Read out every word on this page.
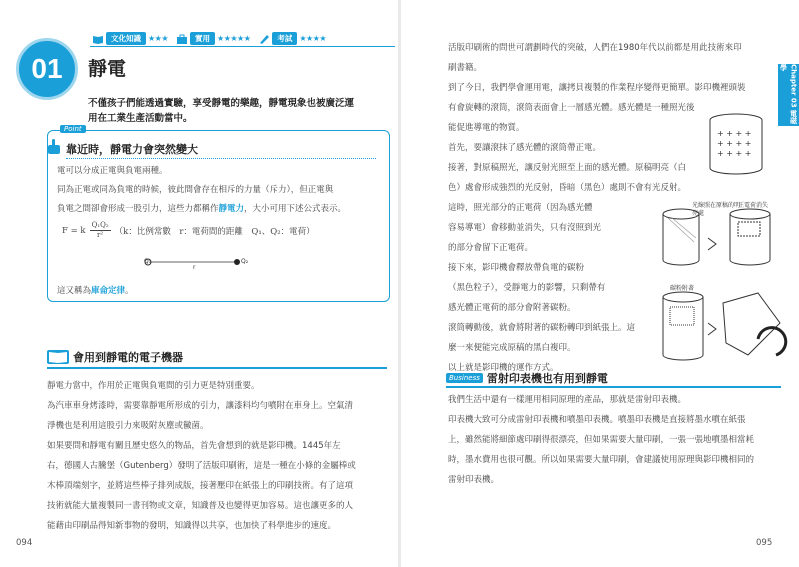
文化知識 ★★★	實用 ★★★★★	考試 ★★★★
01	靜電
不僅孩子們能透過實驗，享受靜電的樂趣，靜電現象也被廣泛運用在工業生產活動當中。
Point
靠近時，靜電力會突然變大
電可以分成正電與負電兩種。
同為正電或同為負電的時候，彼此間會存在相斥的力量（斥力），但正電與
負電之間卻會形成一股引力，這些力都稱作靜電力，大小可用下述公式表示。
F = k $\frac{\text{Q₁Q₂}}{\text{r²}} (k$：比例常數　r：電荷間的距離　Q₁、Q₂：電荷）
Q₁
r
Q₂
這又稱為庫侖定律。
會用到靜電的電子機器

靜電力當中，作用於正電與負電間的引力更是特別重要。

為汽車車身烤漆時，需要靠靜電所形成的引力，讓漆料均勻噴附在車身上。空氣清

淨機也是利用這股引力來吸附灰塵或黴菌。

如果要問和靜電有關且歷史悠久的物品，首先會想到的就是影印機。1445年左

右，德國人古騰堡（Gutenberg）發明了活版印刷術，這是一種在小條的金屬棒或

木棒頂端刻字，並將這些棒子排列成版，接著壓印在紙張上的印刷技術。有了這項

技術就能大量複製同一書刊物或文章，知識普及也變得更加容易。這也讓更多的人

能藉由印刷品得知新事物的發明，知識得以共享，也加快了科學進步的速度。

094
Chapter 03 電磁學

活版印刷術的問世可謂劃時代的突破，人們在1980年代以前都是用此技術來印

刷書籍。

到了今日，我們學會運用電，讓拷貝複製的作業程序變得更簡單。影印機裡頭裝

有會旋轉的滾筒，滾筒表面會上一層感光體。感光體是一種照光後

能促進導電的物質。

首先，要讓滾抹了感光體的滾筒帶正電。

接著，對原稿照光，讓反射光照至上面的感光體。原稿明亮（白

色）處會形成強烈的光反射，昏暗（黑色）處則不會有光反射。

這時，照光部分的正電荷（因為感光體

容易導電）會移動並消失，只有沒照到光

的部分會留下正電荷。

接下來，影印機會釋放帶負電的碳粉

（黑色粒子），受靜電力的影響，只剩帶有

感光體正電荷的部分會附著碳粉。

滾筒轉動後，就會將附著的碳粉轉印到紙張上。這

麼一來便能完成原稿的黑白複印。

以上就是影印機的運作方式。

+ + + +
+ + + +
+ + + +
光線照在原稿的明亮處
正電荷消失
碳粉附著
Business 雷射印表機也有用到靜電

我們生活中還有一樣運用相同原理的產品，那就是雷射印表機。

印表機大致可分成雷射印表機和噴墨印表機。噴墨印表機是直接將墨水噴在紙張

上，雖然能將細節處印刷得很漂亮，但如果需要大量印刷，一張一張地噴墨相當耗

時，墨水費用也很可觀。所以如果需要大量印刷，會建議使用原理與影印機相同的

雷射印表機。

095
